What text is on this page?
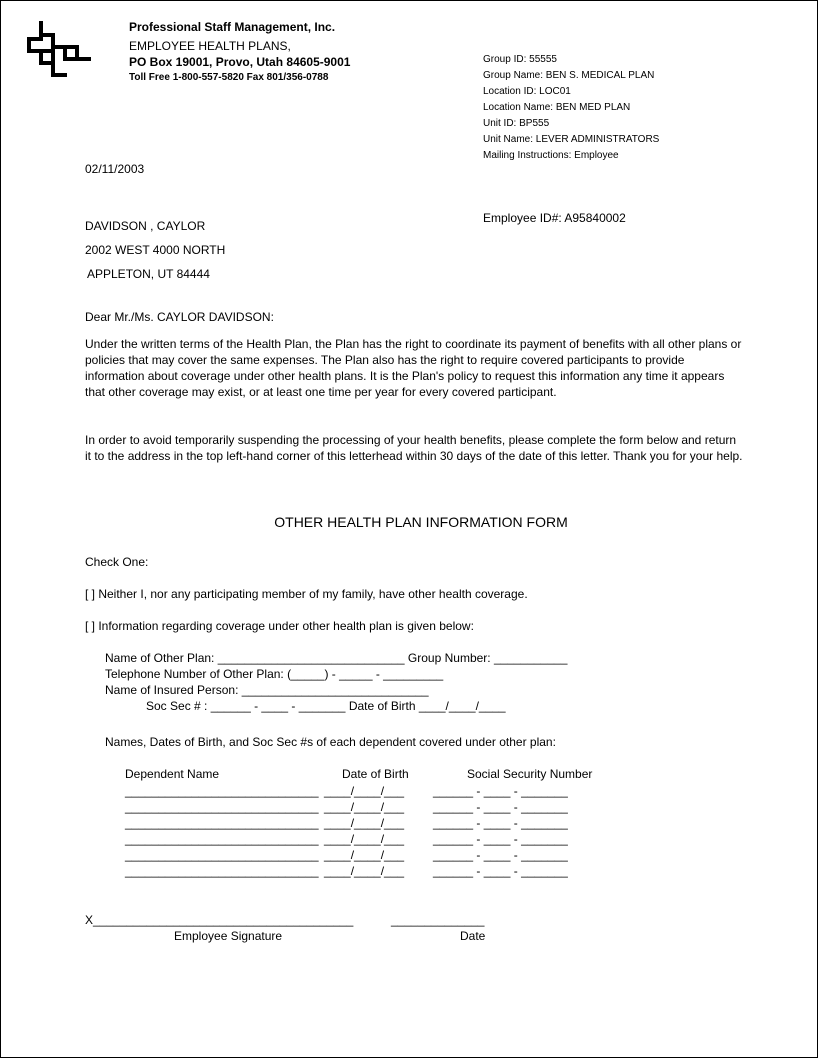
Professional Staff Management, Inc.
EMPLOYEE HEALTH PLANS,
PO Box 19001, Provo, Utah 84605-9001
Toll Free 1-800-557-5820 Fax 801/356-0788
Group ID: 55555
Group Name: BEN S. MEDICAL PLAN
Location ID: LOC01
Location Name: BEN MED PLAN
Unit ID: BP555
Unit Name: LEVER ADMINISTRATORS
Mailing Instructions: Employee
02/11/2003
Employee ID#: A95840002
DAVIDSON , CAYLOR
2002 WEST 4000 NORTH
APPLETON, UT 84444
Dear Mr./Ms. CAYLOR DAVIDSON:
Under the written terms of the Health Plan, the Plan has the right to coordinate its payment of benefits with all other plans or policies that may cover the same expenses. The Plan also has the right to require covered participants to provide information about coverage under other health plans. It is the Plan's policy to request this information any time it appears that other coverage may exist, or at least one time per year for every covered participant.
In order to avoid temporarily suspending the processing of your health benefits, please complete the form below and return it to the address in the top left-hand corner of this letterhead within 30 days of the date of this letter. Thank you for your help.
OTHER HEALTH PLAN INFORMATION FORM
Check One:
[ ] Neither I, nor any participating member of my family, have other health coverage.
[ ] Information regarding coverage under other health plan is given below:
Name of Other Plan: ____________________________ Group Number: ___________
Telephone Number of Other Plan: (_____) - _____ - _________
Name of Insured Person: ____________________________
Soc Sec # : ______ - ____ - _______ Date of Birth ____/____/____
Names, Dates of Birth, and Soc Sec #s of each dependent covered under other plan:
Dependent Name	Date of Birth	Social Security Number
_____________________________ ____/____/___ ______ - ____ - _______
_____________________________ ____/____/___ ______ - ____ - _______
_____________________________ ____/____/___ ______ - ____ - _______
_____________________________ ____/____/___ ______ - ____ - _______
_____________________________ ____/____/___ ______ - ____ - _______
_____________________________ ____/____/___ ______ - ____ - _______
X_______________________________________	______________
Employee Signature	Date
